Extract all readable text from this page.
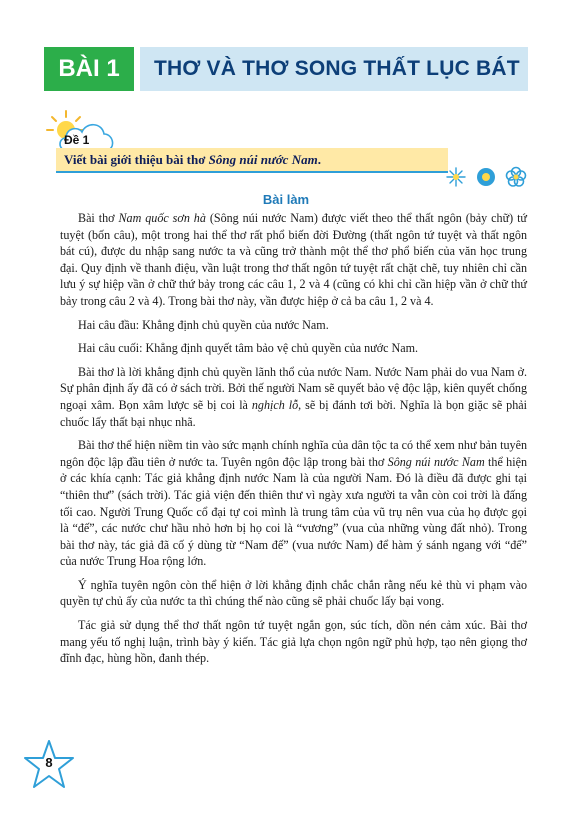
BÀI 1	THƠ VÀ THƠ SONG THẤT LỤC BÁT
Đề 1
Viết bài giới thiệu bài thơ Sông núi nước Nam.
Bài làm

Bài thơ Nam quốc sơn hà (Sông núi nước Nam) được viết theo thể thất ngôn (bảy chữ) tứ tuyệt (bốn câu), một trong hai thể thơ rất phổ biến đời Đường (thất ngôn tứ tuyệt và thất ngôn bát cú), được du nhập sang nước ta và cũng trở thành một thể thơ phổ biến của văn học trung đại. Quy định về thanh điệu, vần luật trong thơ thất ngôn tứ tuyệt rất chặt chẽ, tuy nhiên chỉ cần lưu ý sự hiệp vần ở chữ thứ bảy trong các câu 1, 2 và 4 (cũng có khi chỉ cần hiệp vần ở chữ thứ bảy trong câu 2 và 4). Trong bài thơ này, vần được hiệp ở cả ba câu 1, 2 và 4.

Hai câu đầu: Khẳng định chủ quyền của nước Nam.

Hai câu cuối: Khẳng định quyết tâm bảo vệ chủ quyền của nước Nam.

Bài thơ là lời khẳng định chủ quyền lãnh thổ của nước Nam. Nước Nam phải do vua Nam ở. Sự phân định ấy đã có ở sách trời. Bởi thế người Nam sẽ quyết bảo vệ độc lập, kiên quyết chống ngoại xâm. Bọn xâm lược sẽ bị coi là nghịch lỗ, sẽ bị đánh tơi bời. Nghĩa là bọn giặc sẽ phải chuốc lấy thất bại nhục nhã.

Bài thơ thể hiện niềm tin vào sức mạnh chính nghĩa của dân tộc ta có thể xem như bản tuyên ngôn độc lập đầu tiên ở nước ta. Tuyên ngôn độc lập trong bài thơ Sông núi nước Nam thể hiện ở các khía cạnh: Tác giả khẳng định nước Nam là của người Nam. Đó là điều đã được ghi tại “thiên thư” (sách trời). Tác giả viện đến thiên thư vì ngày xưa người ta vẫn còn coi trời là đấng tối cao. Người Trung Quốc cổ đại tự coi mình là trung tâm của vũ trụ nên vua của họ được gọi là “đế”, các nước chư hầu nhỏ hơn bị họ coi là “vương” (vua của những vùng đất nhỏ). Trong bài thơ này, tác giả đã cố ý dùng từ “Nam đế” (vua nước Nam) để hàm ý sánh ngang với “đế” của nước Trung Hoa rộng lớn.

Ý nghĩa tuyên ngôn còn thể hiện ở lời khẳng định chắc chắn rằng nếu kẻ thù vi phạm vào quyền tự chủ ấy của nước ta thì chúng thế nào cũng sẽ phải chuốc lấy bại vong.

Tác giả sử dụng thể thơ thất ngôn tứ tuyệt ngắn gọn, súc tích, dồn nén cảm xúc. Bài thơ mang yếu tố nghị luận, trình bày ý kiến. Tác giả lựa chọn ngôn ngữ phủ hợp, tạo nên giọng thơ đĩnh đạc, hùng hồn, đanh thép.

8
